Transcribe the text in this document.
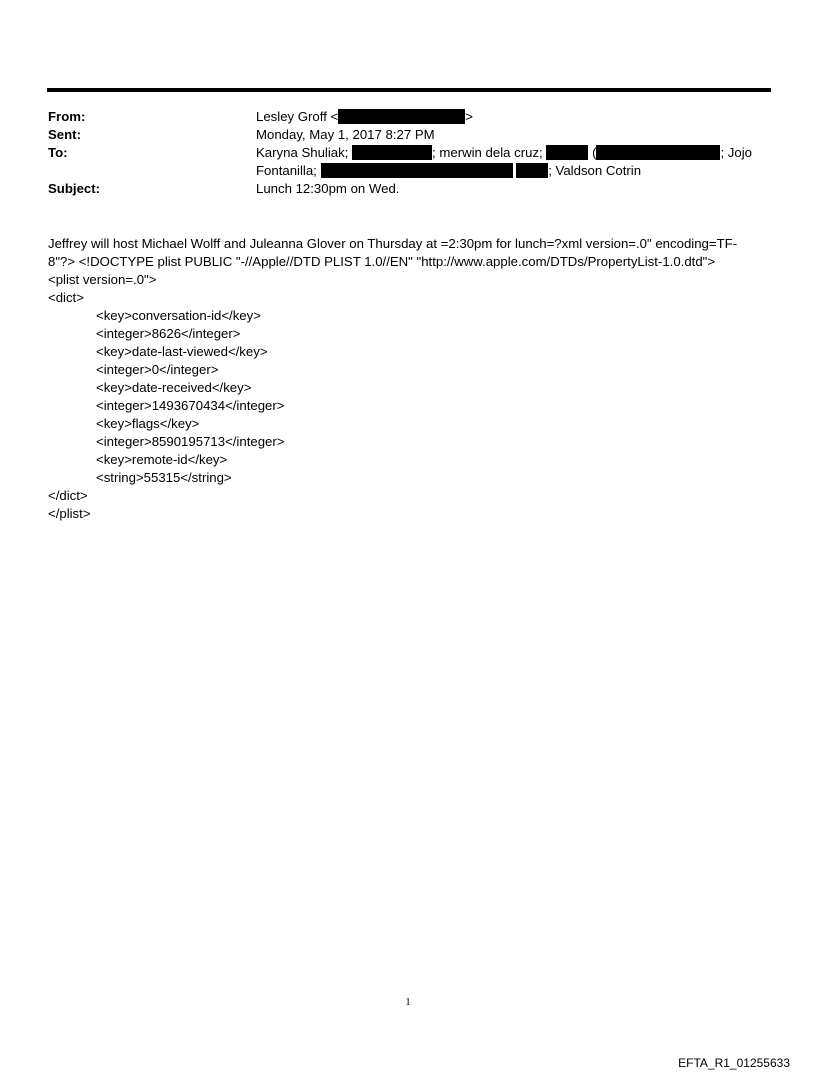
From:	Lesley Groff <	>
Sent:	Monday, May 1, 2017 8:27 PM
To:	Karyna Shuliak;	; merwin dela cruz;	(	; Jojo
Fontanilla;	; Valdson Cotrin
Subject:	Lunch 12:30pm on Wed.
Jeffrey will host Michael Wolff and Juleanna Glover on Thursday at =2:30pm for lunch=?xml version=.0" encoding=TF-
8"?> <!DOCTYPE plist PUBLIC "-//Apple//DTD PLIST 1.0//EN" "http://www.apple.com/DTDs/PropertyList-1.0.dtd">
<plist version=.0">
<dict>
<key>conversation-id</key>
<integer>8626</integer>
<key>date-last-viewed</key>
<integer>0</integer>
<key>date-received</key>
<integer>1493670434</integer>
<key>flags</key>
<integer>8590195713</integer>
<key>remote-id</key>
<string>55315</string>
</dict>
</plist>
1
EFTA_R1_01255633
